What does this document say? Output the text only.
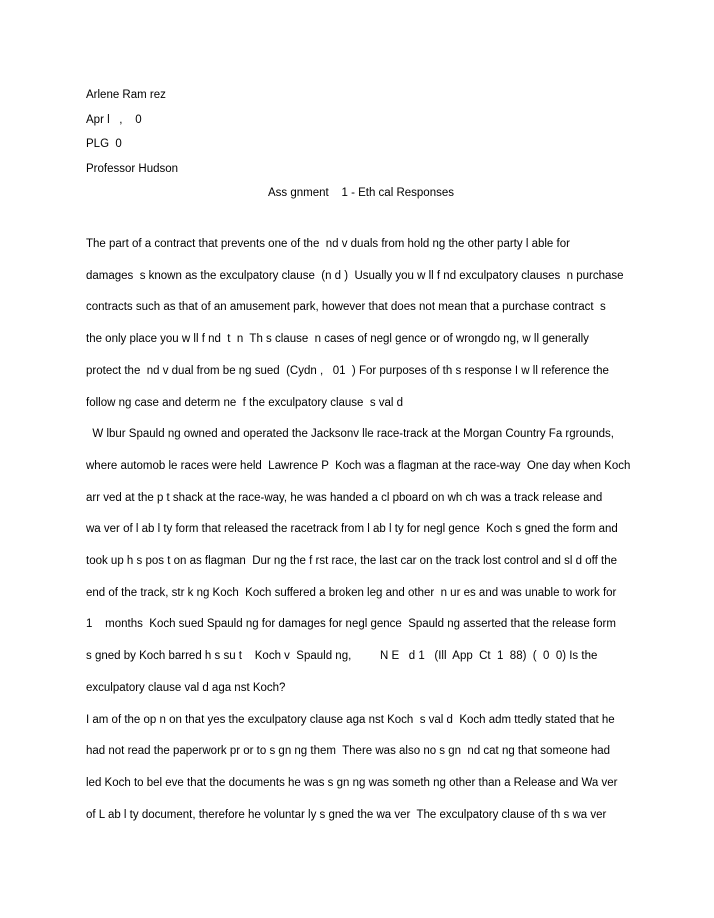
Arlene Ram rez
Apr l   ,    0
PLG  0
Professor Hudson
Ass gnment    1 - Eth cal Responses
The part of a contract that prevents one of the  nd v duals from hold ng the other party l able for
damages  s known as the exculpatory clause  (n d )  Usually you w ll f nd exculpatory clauses  n purchase
contracts such as that of an amusement park, however that does not mean that a purchase contract  s
the only place you w ll f nd  t  n  Th s clause  n cases of negl gence or of wrongdo ng, w ll generally
protect the  nd v dual from be ng sued  (Cydn ,   01  ) For purposes of th s response I w ll reference the
follow ng case and determ ne  f the exculpatory clause  s val d
W lbur Spauld ng owned and operated the Jacksonv lle race-track at the Morgan Country Fa rgrounds,
where automob le races were held  Lawrence P  Koch was a flagman at the race-way  One day when Koch
arr ved at the p t shack at the race-way, he was handed a cl pboard on wh ch was a track release and
wa ver of l ab l ty form that released the racetrack from l ab l ty for negl gence  Koch s gned the form and
took up h s pos t on as flagman  Dur ng the f rst race, the last car on the track lost control and sl d off the
end of the track, str k ng Koch  Koch suffered a broken leg and other  n ur es and was unable to work for
1    months  Koch sued Spauld ng for damages for negl gence  Spauld ng asserted that the release form
s gned by Koch barred h s su t    Koch v  Spauld ng,         N E   d 1   (Ill  App  Ct  1  88)  (  0  0) Is the
exculpatory clause val d aga nst Koch?
I am of the op n on that yes the exculpatory clause aga nst Koch  s val d  Koch adm ttedly stated that he
had not read the paperwork pr or to s gn ng them  There was also no s gn  nd cat ng that someone had
led Koch to bel eve that the documents he was s gn ng was someth ng other than a Release and Wa ver
of L ab l ty document, therefore he voluntar ly s gned the wa ver  The exculpatory clause of th s wa ver
